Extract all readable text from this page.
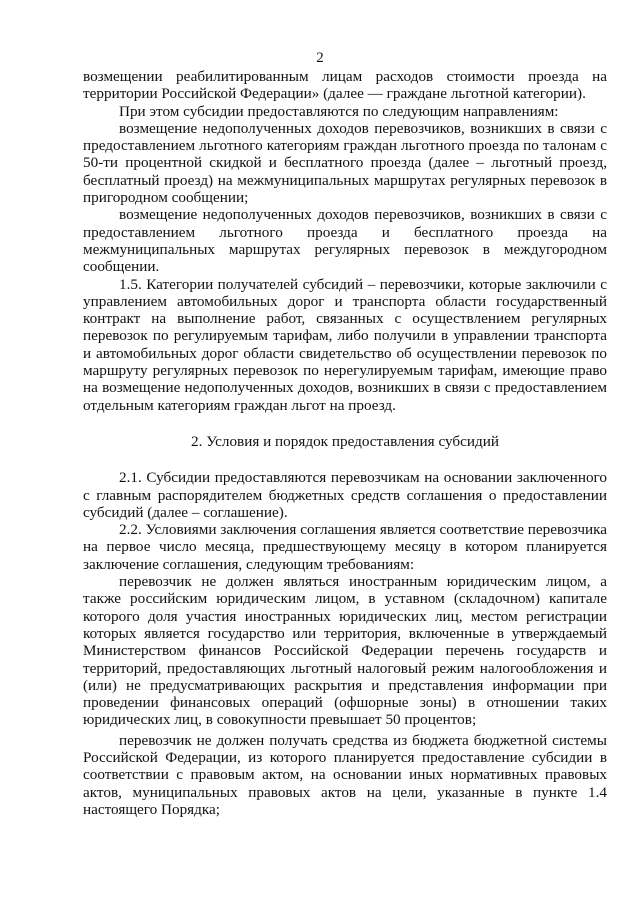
2

возмещении реабилитированным лицам расходов стоимости проезда на территории Российской Федерации» (далее — граждане льготной категории).

При этом субсидии предоставляются по следующим направлениям:

возмещение недополученных доходов перевозчиков, возникших в связи с предоставлением льготного категориям граждан льготного проезда по талонам с 50-ти процентной скидкой и бесплатного проезда (далее – льготный проезд, бесплатный проезд) на межмуниципальных маршрутах регулярных перевозок в пригородном сообщении;

возмещение недополученных доходов перевозчиков, возникших в связи с предоставлением льготного проезда и бесплатного проезда на межмуниципальных маршрутах регулярных перевозок в междугородном сообщении.

1.5. Категории получателей субсидий – перевозчики, которые заключили с управлением автомобильных дорог и транспорта области государственный контракт на выполнение работ, связанных с осуществлением регулярных перевозок по регулируемым тарифам, либо получили в управлении транспорта и автомобильных дорог области свидетельство об осуществлении перевозок по маршруту регулярных перевозок по нерегулируемым тарифам, имеющие право на возмещение недополученных доходов, возникших в связи с предоставлением отдельным категориям граждан льгот на проезд.

2. Условия и порядок предоставления субсидий

2.1. Субсидии предоставляются перевозчикам на основании заключенного с главным распорядителем бюджетных средств соглашения о предоставлении субсидий (далее – соглашение).

2.2. Условиями заключения соглашения является соответствие перевозчика на первое число месяца, предшествующему месяцу в котором планируется заключение соглашения, следующим требованиям:

перевозчик не должен являться иностранным юридическим лицом, а также российским юридическим лицом, в уставном (складочном) капитале которого доля участия иностранных юридических лиц, местом регистрации которых является государство или территория, включенные в утверждаемый Министерством финансов Российской Федерации перечень государств и территорий, предоставляющих льготный налоговый режим налогообложения и (или) не предусматривающих раскрытия и представления информации при проведении финансовых операций (офшорные зоны) в отношении таких юридических лиц, в совокупности превышает 50 процентов;

перевозчик не должен получать средства из бюджета бюджетной системы Российской Федерации, из которого планируется предоставление субсидии в соответствии с правовым актом, на основании иных нормативных правовых актов, муниципальных правовых актов на цели, указанные в пункте 1.4 настоящего Порядка;
